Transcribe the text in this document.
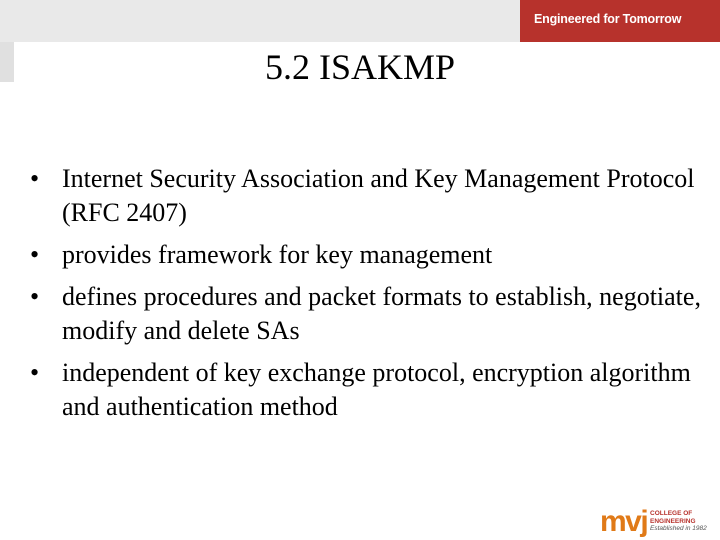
Engineered for Tomorrow
5.2 ISAKMP
• Internet Security Association and Key Management Protocol (RFC 2407)
• provides framework for key management
• defines procedures and packet formats to establish, negotiate, modify and delete SAs
• independent of key exchange protocol, encryption algorithm and authentication method
mvj COLLEGE OF
ENGINEERING
Established in 1982
